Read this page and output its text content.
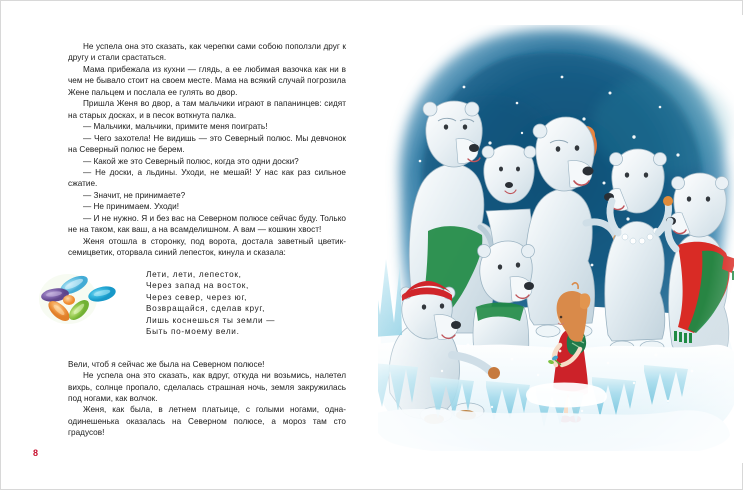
Не успела она это сказать, как черепки сами собою поползли друг к другу и стали срастаться.

Мама прибежала из кухни — глядь, а ее любимая вазочка как ни в чем не бывало стоит на своем месте. Мама на всякий случай погрозила Жене пальцем и послала ее гулять во двор.

Пришла Женя во двор, а там мальчики играют в папанинцев: сидят на старых досках, и в песок воткнута палка.

— Мальчики, мальчики, примите меня поиграть!

— Чего захотела! Не видишь — это Северный полюс. Мы девчонок на Северный полюс не берем.

— Какой же это Северный полюс, когда это одни доски?

— Не доски, а льдины. Уходи, не мешай! У нас как раз сильное сжатие.

— Значит, не принимаете?

— Не принимаем. Уходи!

— И не нужно. Я и без вас на Северном полюсе сейчас буду. Только не на таком, как ваш, а на всамделишном. А вам — кошкин хвост!

Женя отошла в сторонку, под ворота, достала заветный цветик-семицветик, оторвала синий лепесток, кинула и сказала:

Лети, лети, лепесток,
Через запад на восток,
Через север, через юг,
Возвращайся, сделав круг,
Лишь коснешься ты земли —
Быть по-моему вели.

Вели, чтоб я сейчас же была на Северном полюсе!

Не успела она это сказать, как вдруг, откуда ни возьмись, налетел вихрь, солнце пропало, сделалась страшная ночь, земля закружилась под ногами, как волчок.

Женя, как была, в летнем платьице, с голыми ногами, одна-одинешенька оказалась на Северном полюсе, а мороз там сто градусов!

8
